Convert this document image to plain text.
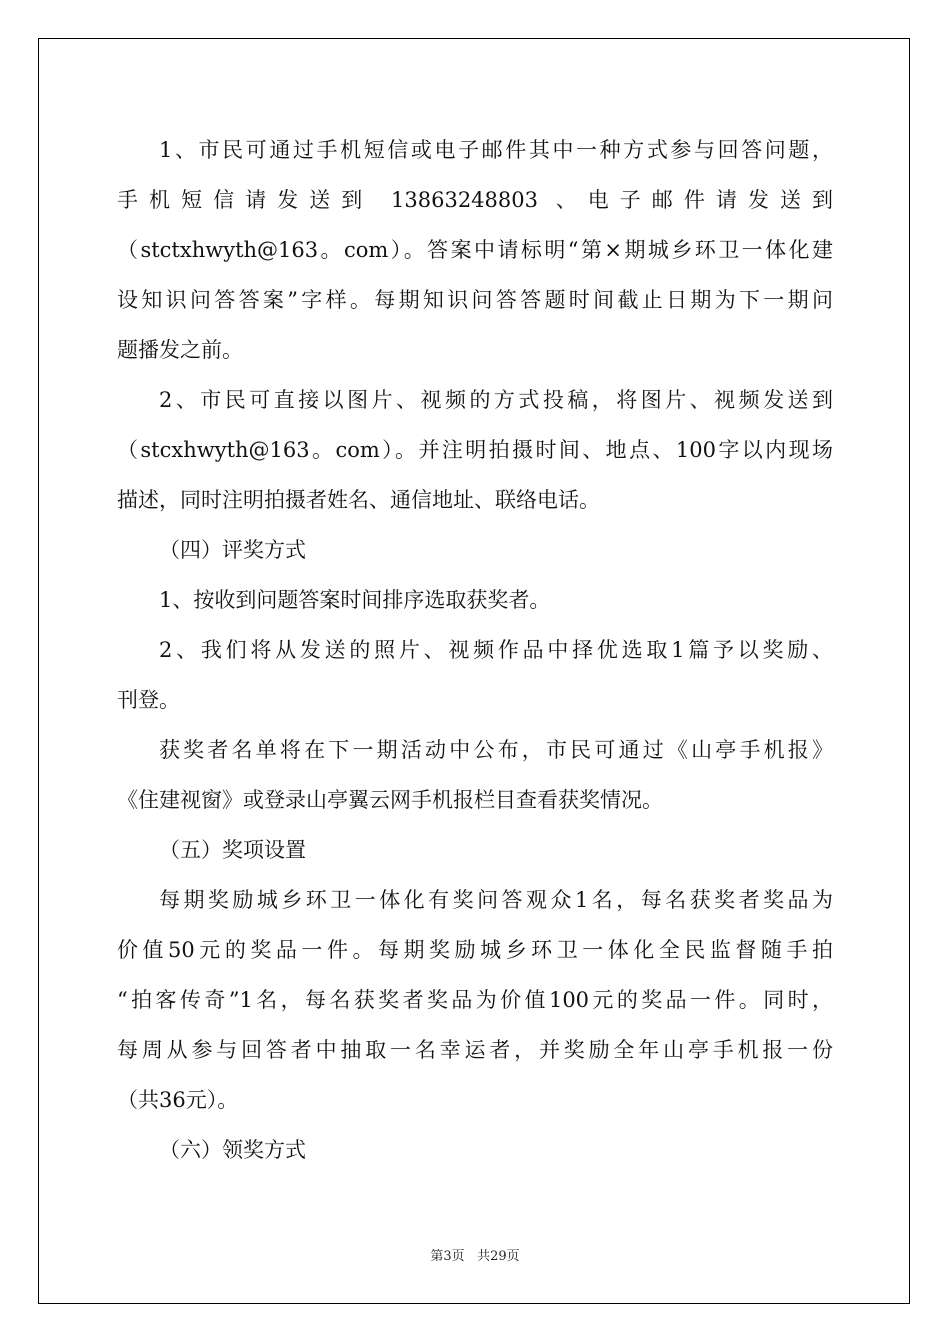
1、市民可通过手机短信或电子邮件其中一种方式参与回答问题，

手机短信请发送到 13863248803 、电子邮件请发送到

（stctxhwyth@163。com）。答案中请标明“第×期城乡环卫一体化建

设知识问答答案”字样。每期知识问答答题时间截止日期为下一期问

题播发之前。

2、市民可直接以图片、视频的方式投稿，将图片、视频发送到

（stcxhwyth@163。com）。并注明拍摄时间、地点、100字以内现场

描述，同时注明拍摄者姓名、通信地址、联络电话。

（四）评奖方式

1、按收到问题答案时间排序选取获奖者。

2、我们将从发送的照片、视频作品中择优选取1篇予以奖励、

刊登。

获奖者名单将在下一期活动中公布，市民可通过《山亭手机报》

《住建视窗》或登录山亭翼云网手机报栏目查看获奖情况。

（五）奖项设置

每期奖励城乡环卫一体化有奖问答观众1名，每名获奖者奖品为

价值50元的奖品一件。每期奖励城乡环卫一体化全民监督随手拍

“拍客传奇”1名，每名获奖者奖品为价值100元的奖品一件。同时，

每周从参与回答者中抽取一名幸运者，并奖励全年山亭手机报一份

（共36元）。

（六）领奖方式

第3页 共29页
